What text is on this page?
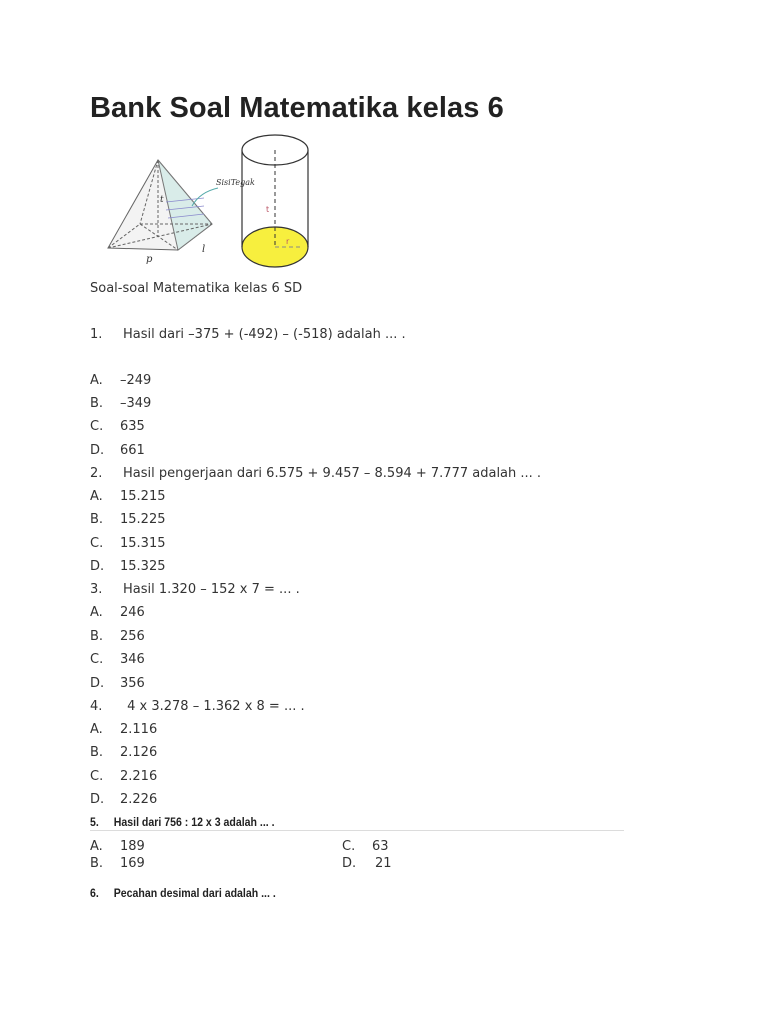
Bank Soal Matematika kelas 6
SisiTegak
t
p
l
t
r
Soal-soal Matematika kelas 6 SD
1. Hasil dari –375 + (-492) – (-518) adalah ... .
A. –249
B. –349
C. 635
D. 661
2. Hasil pengerjaan dari 6.575 + 9.457 – 8.594 + 7.777 adalah ... .
A. 15.215
B. 15.225
C. 15.315
D. 15.325
3. Hasil 1.320 – 152 x 7 = ... .
A. 246
B. 256
C. 346
D. 356
4. 4 x 3.278 – 1.362 x 8 = ... .
A. 2.116
B. 2.126
C. 2.216
D. 2.226
5. Hasil dari 756 : 12 x 3 adalah ... .
A. 189
B. 169
C. 63
D. 21
6. Pecahan desimal dari adalah ... .
